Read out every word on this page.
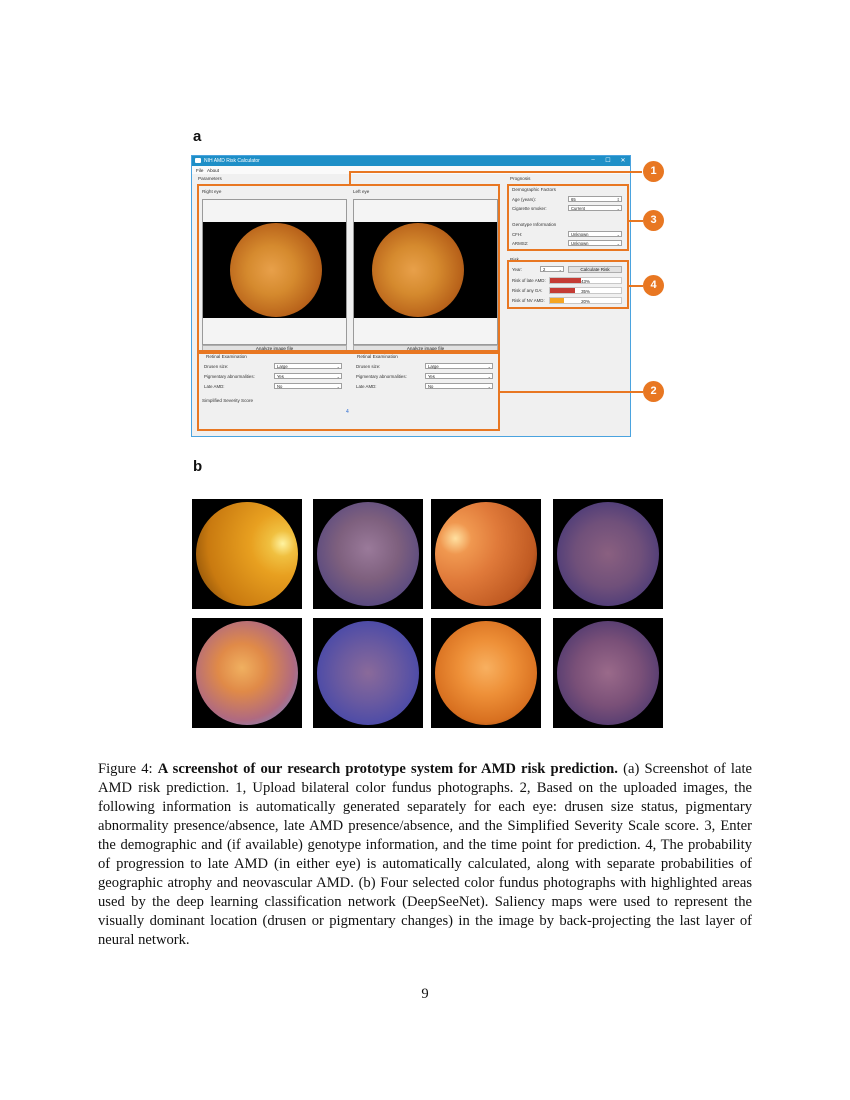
a
NIH AMD Risk Calculator	–	☐	✕
File About
Parameters
Right eye
Analyze image file
Left eye
Analyze image file
Retinal Examination	Retinal Examination
Drusen size:	Large	⌄
Pigmentary abnormalities:	Yes	⌄
Late AMD:	No	⌄
Drusen size:	Large	⌄
Pigmentary abnormalities:	Yes	⌄
Late AMD:	No	⌄
Simplified Severity Score
4
Prognosis
Demographic Factors
Age (years):	65	⇕
Cigarette smoker:	Current	⌄
Genotype Information
CFH:	Unknown	⌄
ARMS2:	Unknown	⌄
Risk
Year:	2	⌄	Calculate Risk
Risk of late AMD:	43%
Risk of any GA:	35%
Risk of NV AMD:	20%
1
2
3
4
b
Figure 4: A screenshot of our research prototype system for AMD risk prediction. (a) Screenshot of late AMD risk prediction. 1, Upload bilateral color fundus photographs. 2, Based on the uploaded images, the following information is automatically generated separately for each eye: drusen size status, pigmentary abnormality presence/absence, late AMD presence/absence, and the Simplified Severity Scale score. 3, Enter the demographic and (if available) genotype information, and the time point for prediction. 4, The probability of progression to late AMD (in either eye) is automatically calculated, along with separate probabilities of geographic atrophy and neovascular AMD. (b) Four selected color fundus photographs with highlighted areas used by the deep learning classification network (DeepSeeNet). Saliency maps were used to represent the visually dominant location (drusen or pigmentary changes) in the image by back-projecting the last layer of neural network.
9
